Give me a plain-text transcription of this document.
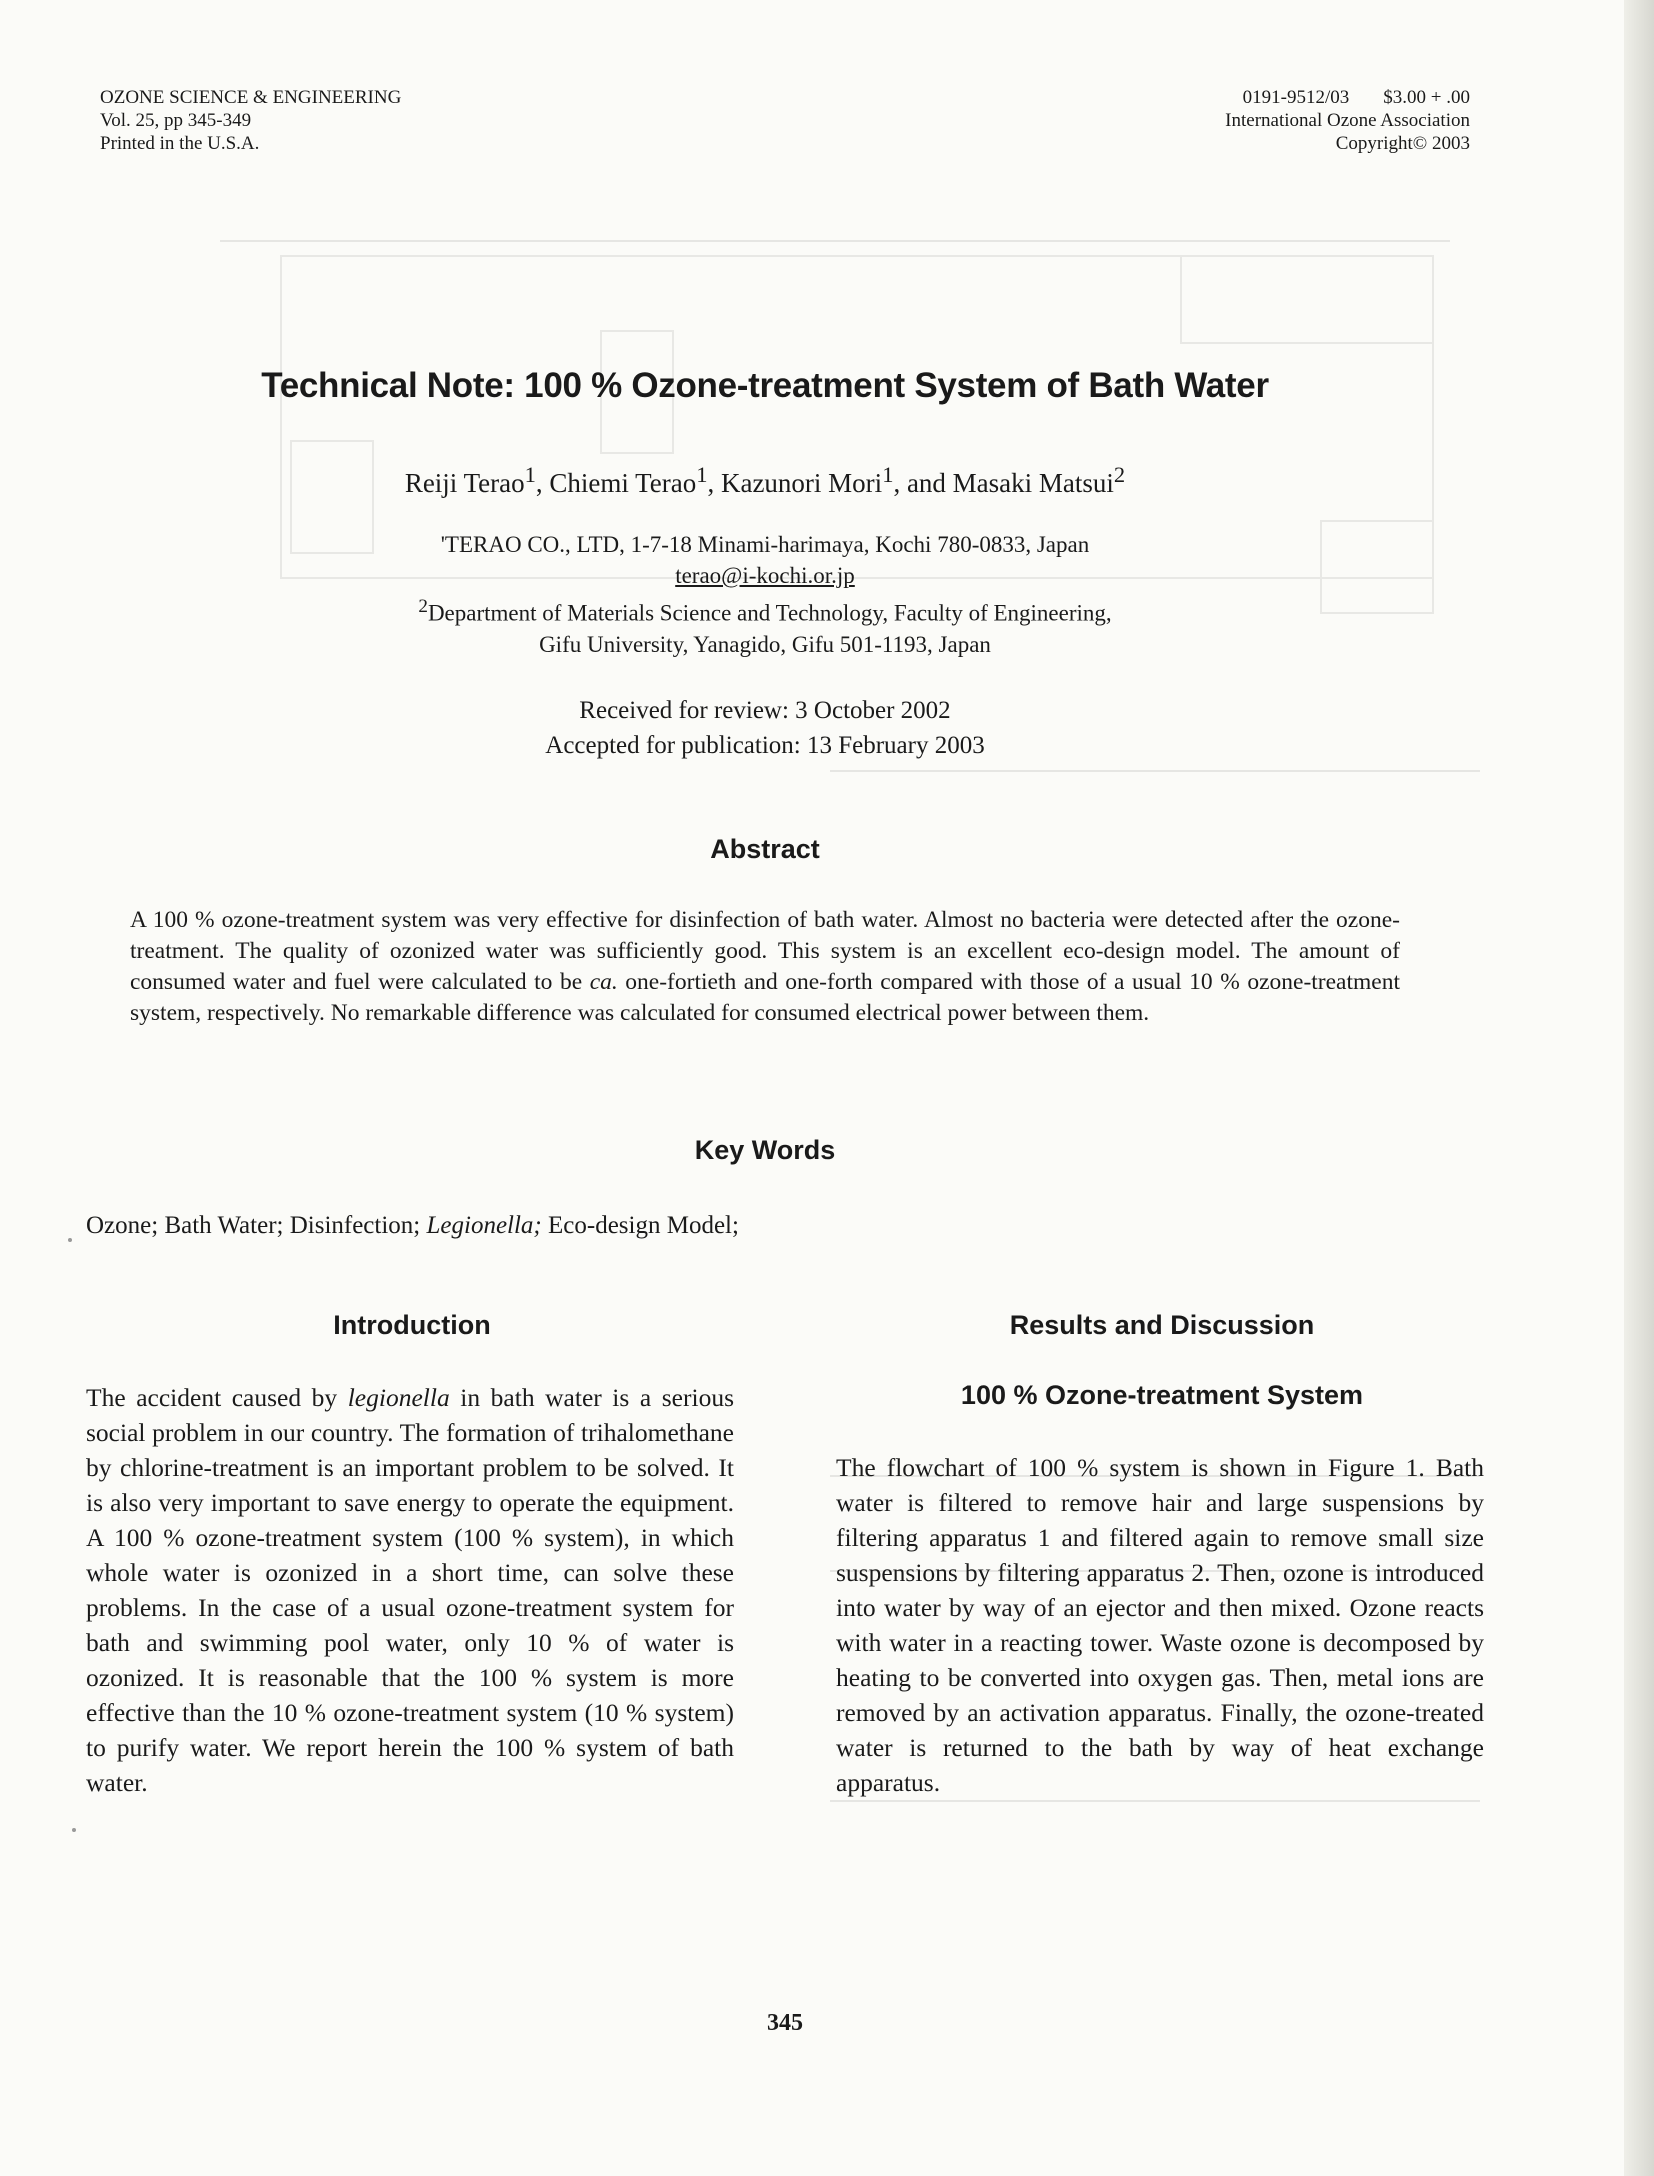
OZONE SCIENCE & ENGINEERING
Vol. 25, pp 345-349
Printed in the U.S.A.
0191-9512/03 $3.00 + .00
International Ozone Association
Copyright© 2003
Technical Note: 100 % Ozone-treatment System of Bath Water
Reiji Terao$^1$, Chiemi Terao$^1$, Kazunori Mori$^1$, and Masaki Matsui$^2$
'TERAO CO., LTD, 1-7-18 Minami-harimaya, Kochi 780-0833, Japan
terao@i-kochi.or.jp
$^2$Department of Materials Science and Technology, Faculty of Engineering,
Gifu University, Yanagido, Gifu 501-1193, Japan
Received for review: 3 October 2002
Accepted for publication: 13 February 2003
Abstract
A 100 % ozone-treatment system was very effective for disinfection of bath water. Almost no bacteria were detected after the ozone-treatment. The quality of ozonized water was sufficiently good. This system is an excellent eco-design model. The amount of consumed water and fuel were calculated to be ca. one-fortieth and one-forth compared with those of a usual 10 % ozone-treatment system, respectively. No remarkable difference was calculated for consumed electrical power between them.
Key Words
Ozone; Bath Water; Disinfection; Legionella; Eco-design Model;
Introduction	Results and Discussion
100 % Ozone-treatment System

The accident caused by legionella in bath water is a serious social problem in our country. The formation of trihalomethane by chlorine-treatment is an important problem to be solved. It is also very important to save energy to operate the equipment. A 100 % ozone-treatment system (100 % system), in which whole water is ozonized in a short time, can solve these problems. In the case of a usual ozone-treatment system for bath and swimming pool water, only 10 % of water is ozonized. It is reasonable that the 100 % system is more effective than the 10 % ozone-treatment system (10 % system) to purify water. We report herein the 100 % system of bath water.

The flowchart of 100 % system is shown in Figure 1. Bath water is filtered to remove hair and large suspensions by filtering apparatus 1 and filtered again to remove small size suspensions by filtering apparatus 2. Then, ozone is introduced into water by way of an ejector and then mixed. Ozone reacts with water in a reacting tower. Waste ozone is decomposed by heating to be converted into oxygen gas. Then, metal ions are removed by an activation apparatus. Finally, the ozone-treated water is returned to the bath by way of heat exchange apparatus.

345
